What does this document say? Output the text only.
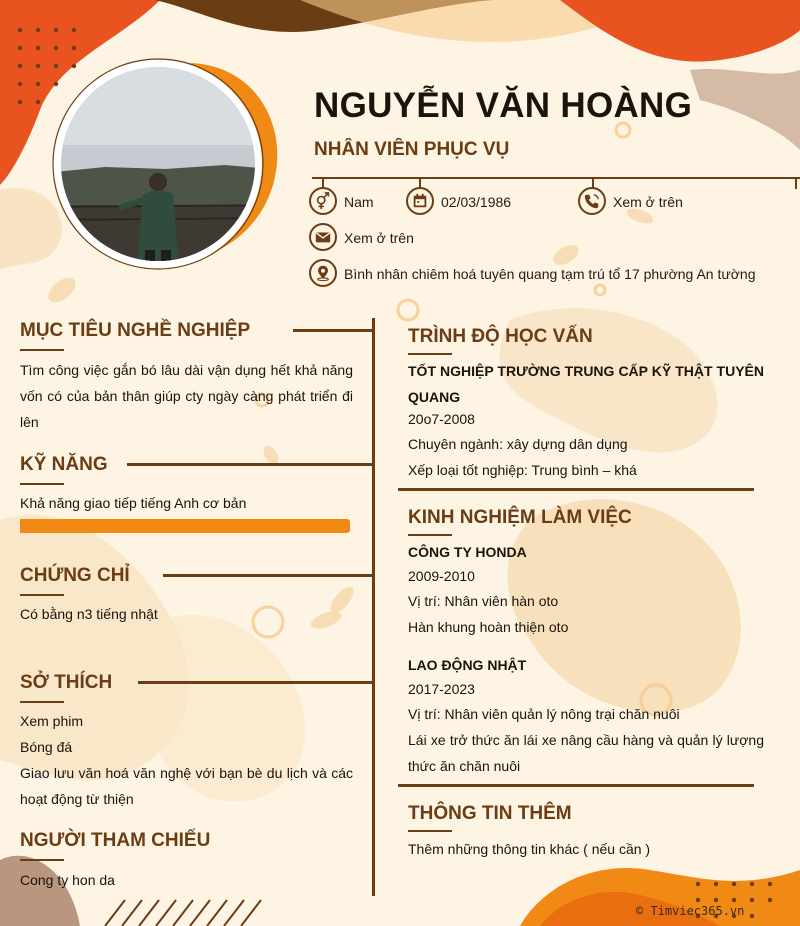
NGUYỄN VĂN HOÀNG
NHÂN VIÊN PHỤC VỤ
Nam	02/03/1986	Xem ở trên
Xem ở trên
Bình nhân chiêm hoá tuyên quang tạm trú tổ 17 phường An tường
MỤC TIÊU NGHỀ NGHIỆP
Tìm công việc gắn bó lâu dài vận dụng hết khả năng vốn có của bản thân giúp cty ngày càng phát triển đi lên
KỸ NĂNG
Khả năng giao tiếp tiếng Anh cơ bản
CHỨNG CHỈ
Có bằng n3 tiếng nhật
SỞ THÍCH
Xem phim
Bóng đá
Giao lưu văn hoá văn nghệ với bạn bè du lịch và các hoạt động từ thiện
NGƯỜI THAM CHIẾU
Cong ty hon da
TRÌNH ĐỘ HỌC VẤN
TỐT NGHIỆP TRƯỜNG TRUNG CẤP KỸ THẬT TUYÊN QUANG
20o7-2008
Chuyên ngành: xây dựng dân dụng
Xếp loại tốt nghiệp: Trung bình – khá
KINH NGHIỆM LÀM VIỆC
CÔNG TY HONDA
2009-2010
Vị trí: Nhân viên hàn oto
Hàn khung hoàn thiện oto
LAO ĐỘNG NHẬT
2017-2023
Vị trí: Nhân viên quản lý nông trại chăn nuôi
Lái xe trở thức ăn lái xe nâng cầu hàng và quản lý lượng thức ăn chăn nuôi
THÔNG TIN THÊM
Thêm những thông tin khác ( nếu cần )
© Timviec365.vn
